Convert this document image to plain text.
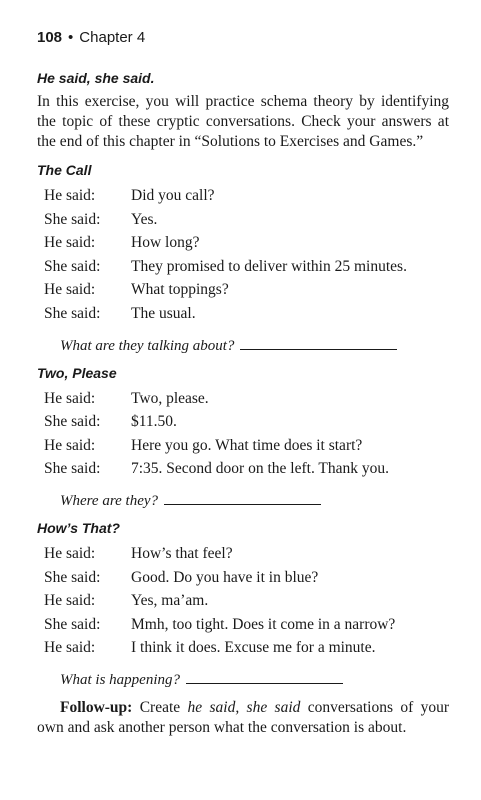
108 • Chapter 4
He said, she said.

In this exercise, you will practice schema theory by identifying the topic of these cryptic conversations. Check your answers at the end of this chapter in “Solutions to Exercises and Games.”

The Call
He said:	Did you call?
She said:	Yes.
He said:	How long?
She said:	They promised to deliver within 25 minutes.
He said:	What toppings?
She said:	The usual.
What are they talking about?
Two, Please
He said:	Two, please.
She said:	$11.50.
He said:	Here you go. What time does it start?
She said:	7:35. Second door on the left. Thank you.
Where are they?
How’s That?
He said:	How’s that feel?
She said:	Good. Do you have it in blue?
He said:	Yes, ma’am.
She said:	Mmh, too tight. Does it come in a narrow?
He said:	I think it does. Excuse me for a minute.
What is happening?

Follow-up: Create he said, she said conversations of your own and ask another person what the conversation is about.
